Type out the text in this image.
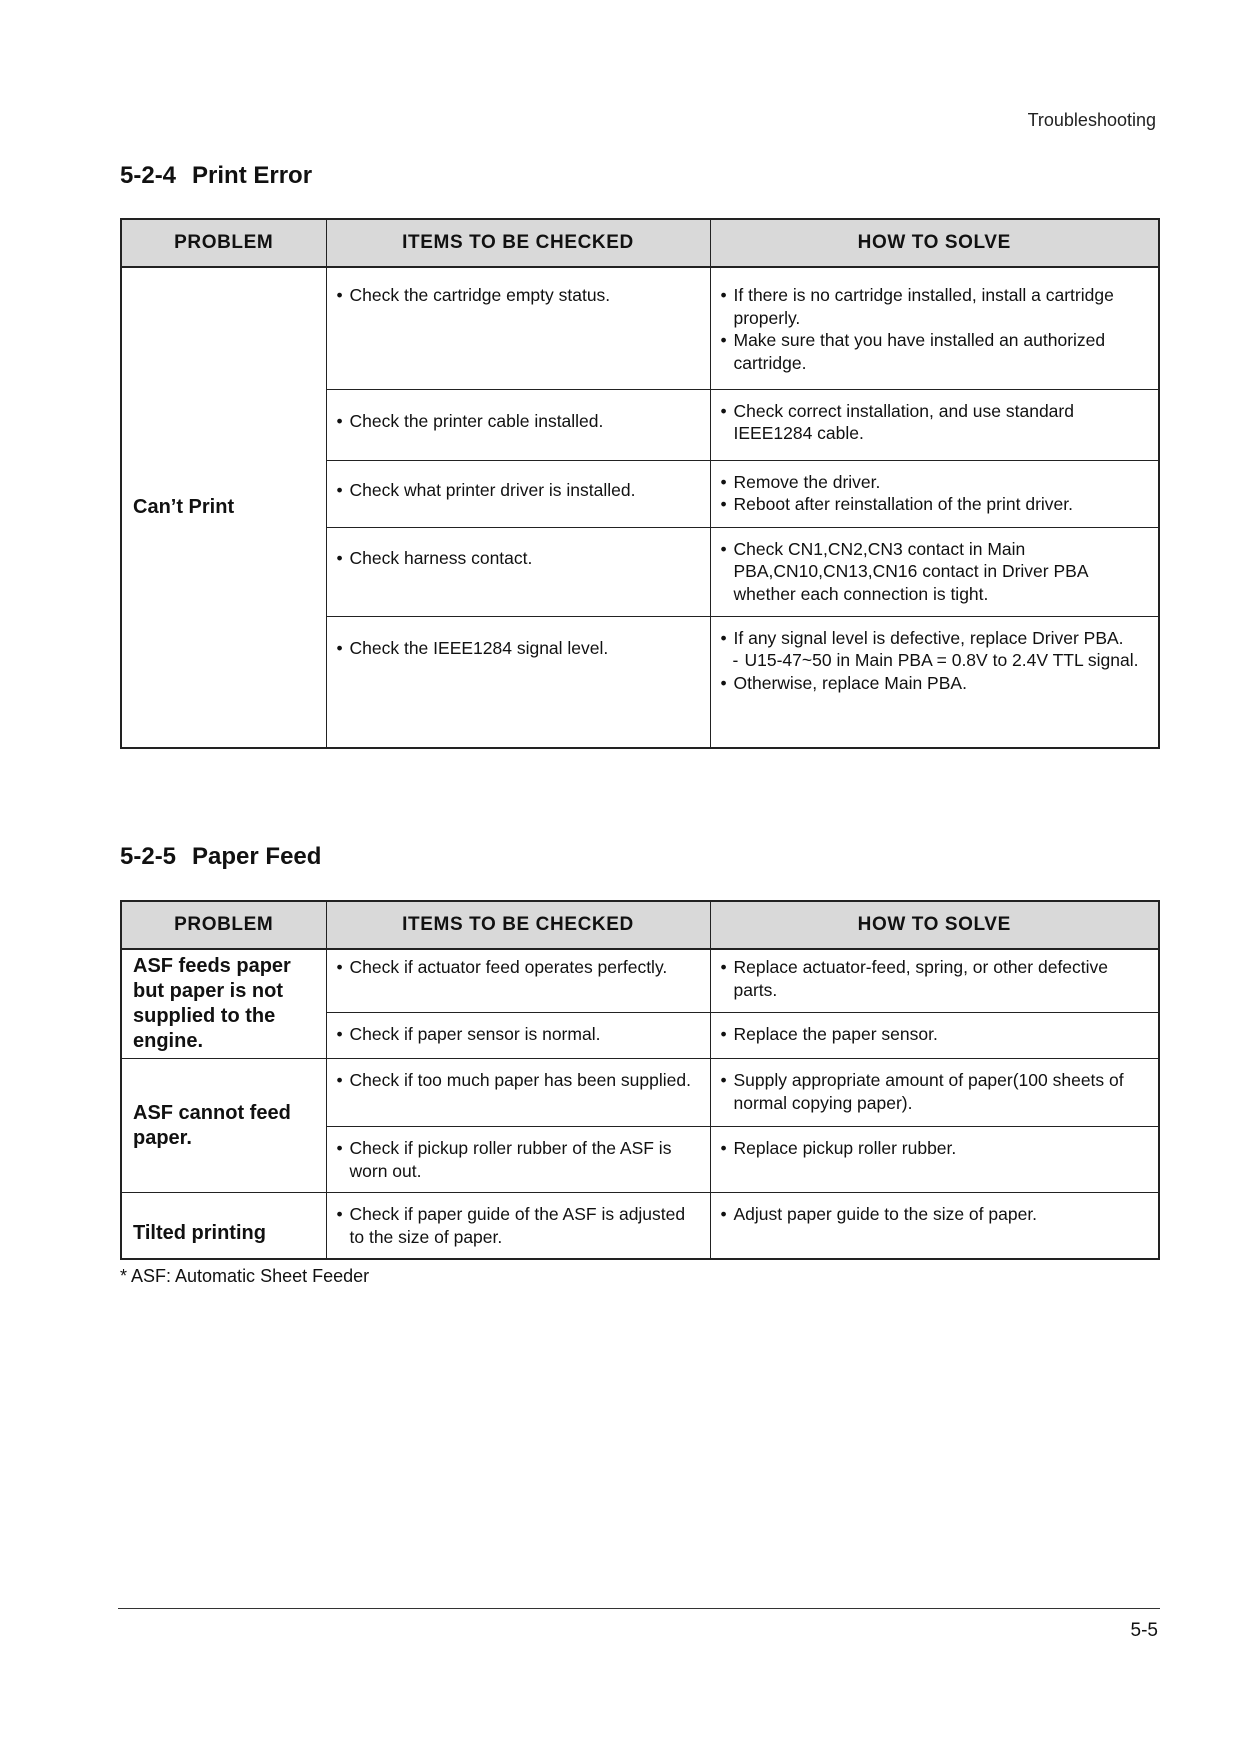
Troubleshooting
5-2-4 Print Error
PROBLEM	ITEMS TO BE CHECKED	HOW TO SOLVE
Can’t Print	• Check the cartridge empty status.	• If there is no cartridge installed, install a cartridge properly.
• Make sure that you have installed an authorized cartridge.

	• Check the printer cable installed.	• Check correct installation, and use standard IEEE1284 cable.

	• Check what printer driver is installed.	• Remove the driver.
• Reboot after reinstallation of the print driver.

	• Check harness contact.	• Check CN1,CN2,CN3 contact in Main PBA,CN10,CN13,CN16 contact in Driver PBA whether each connection is tight.

	• Check the IEEE1284 signal level.	• If any signal level is defective, replace Driver PBA.
- U15-47~50 in Main PBA = 0.8V to 2.4V TTL signal.
• Otherwise, replace Main PBA.
5-2-5 Paper Feed
PROBLEM	ITEMS TO BE CHECKED	HOW TO SOLVE
ASF feeds paper but paper is not supplied to the engine.	• Check if actuator feed operates perfectly.	• Replace actuator-feed, spring, or other defective parts.

	• Check if paper sensor is normal.	• Replace the paper sensor.

ASF cannot feed paper.	• Check if too much paper has been supplied.	• Supply appropriate amount of paper(100 sheets of normal copying paper).

	• Check if pickup roller rubber of the ASF is worn out.	• Replace pickup roller rubber.

Tilted printing	• Check if paper guide of the ASF is adjusted to the size of paper.	• Adjust paper guide to the size of paper.
* ASF: Automatic Sheet Feeder
5-5
